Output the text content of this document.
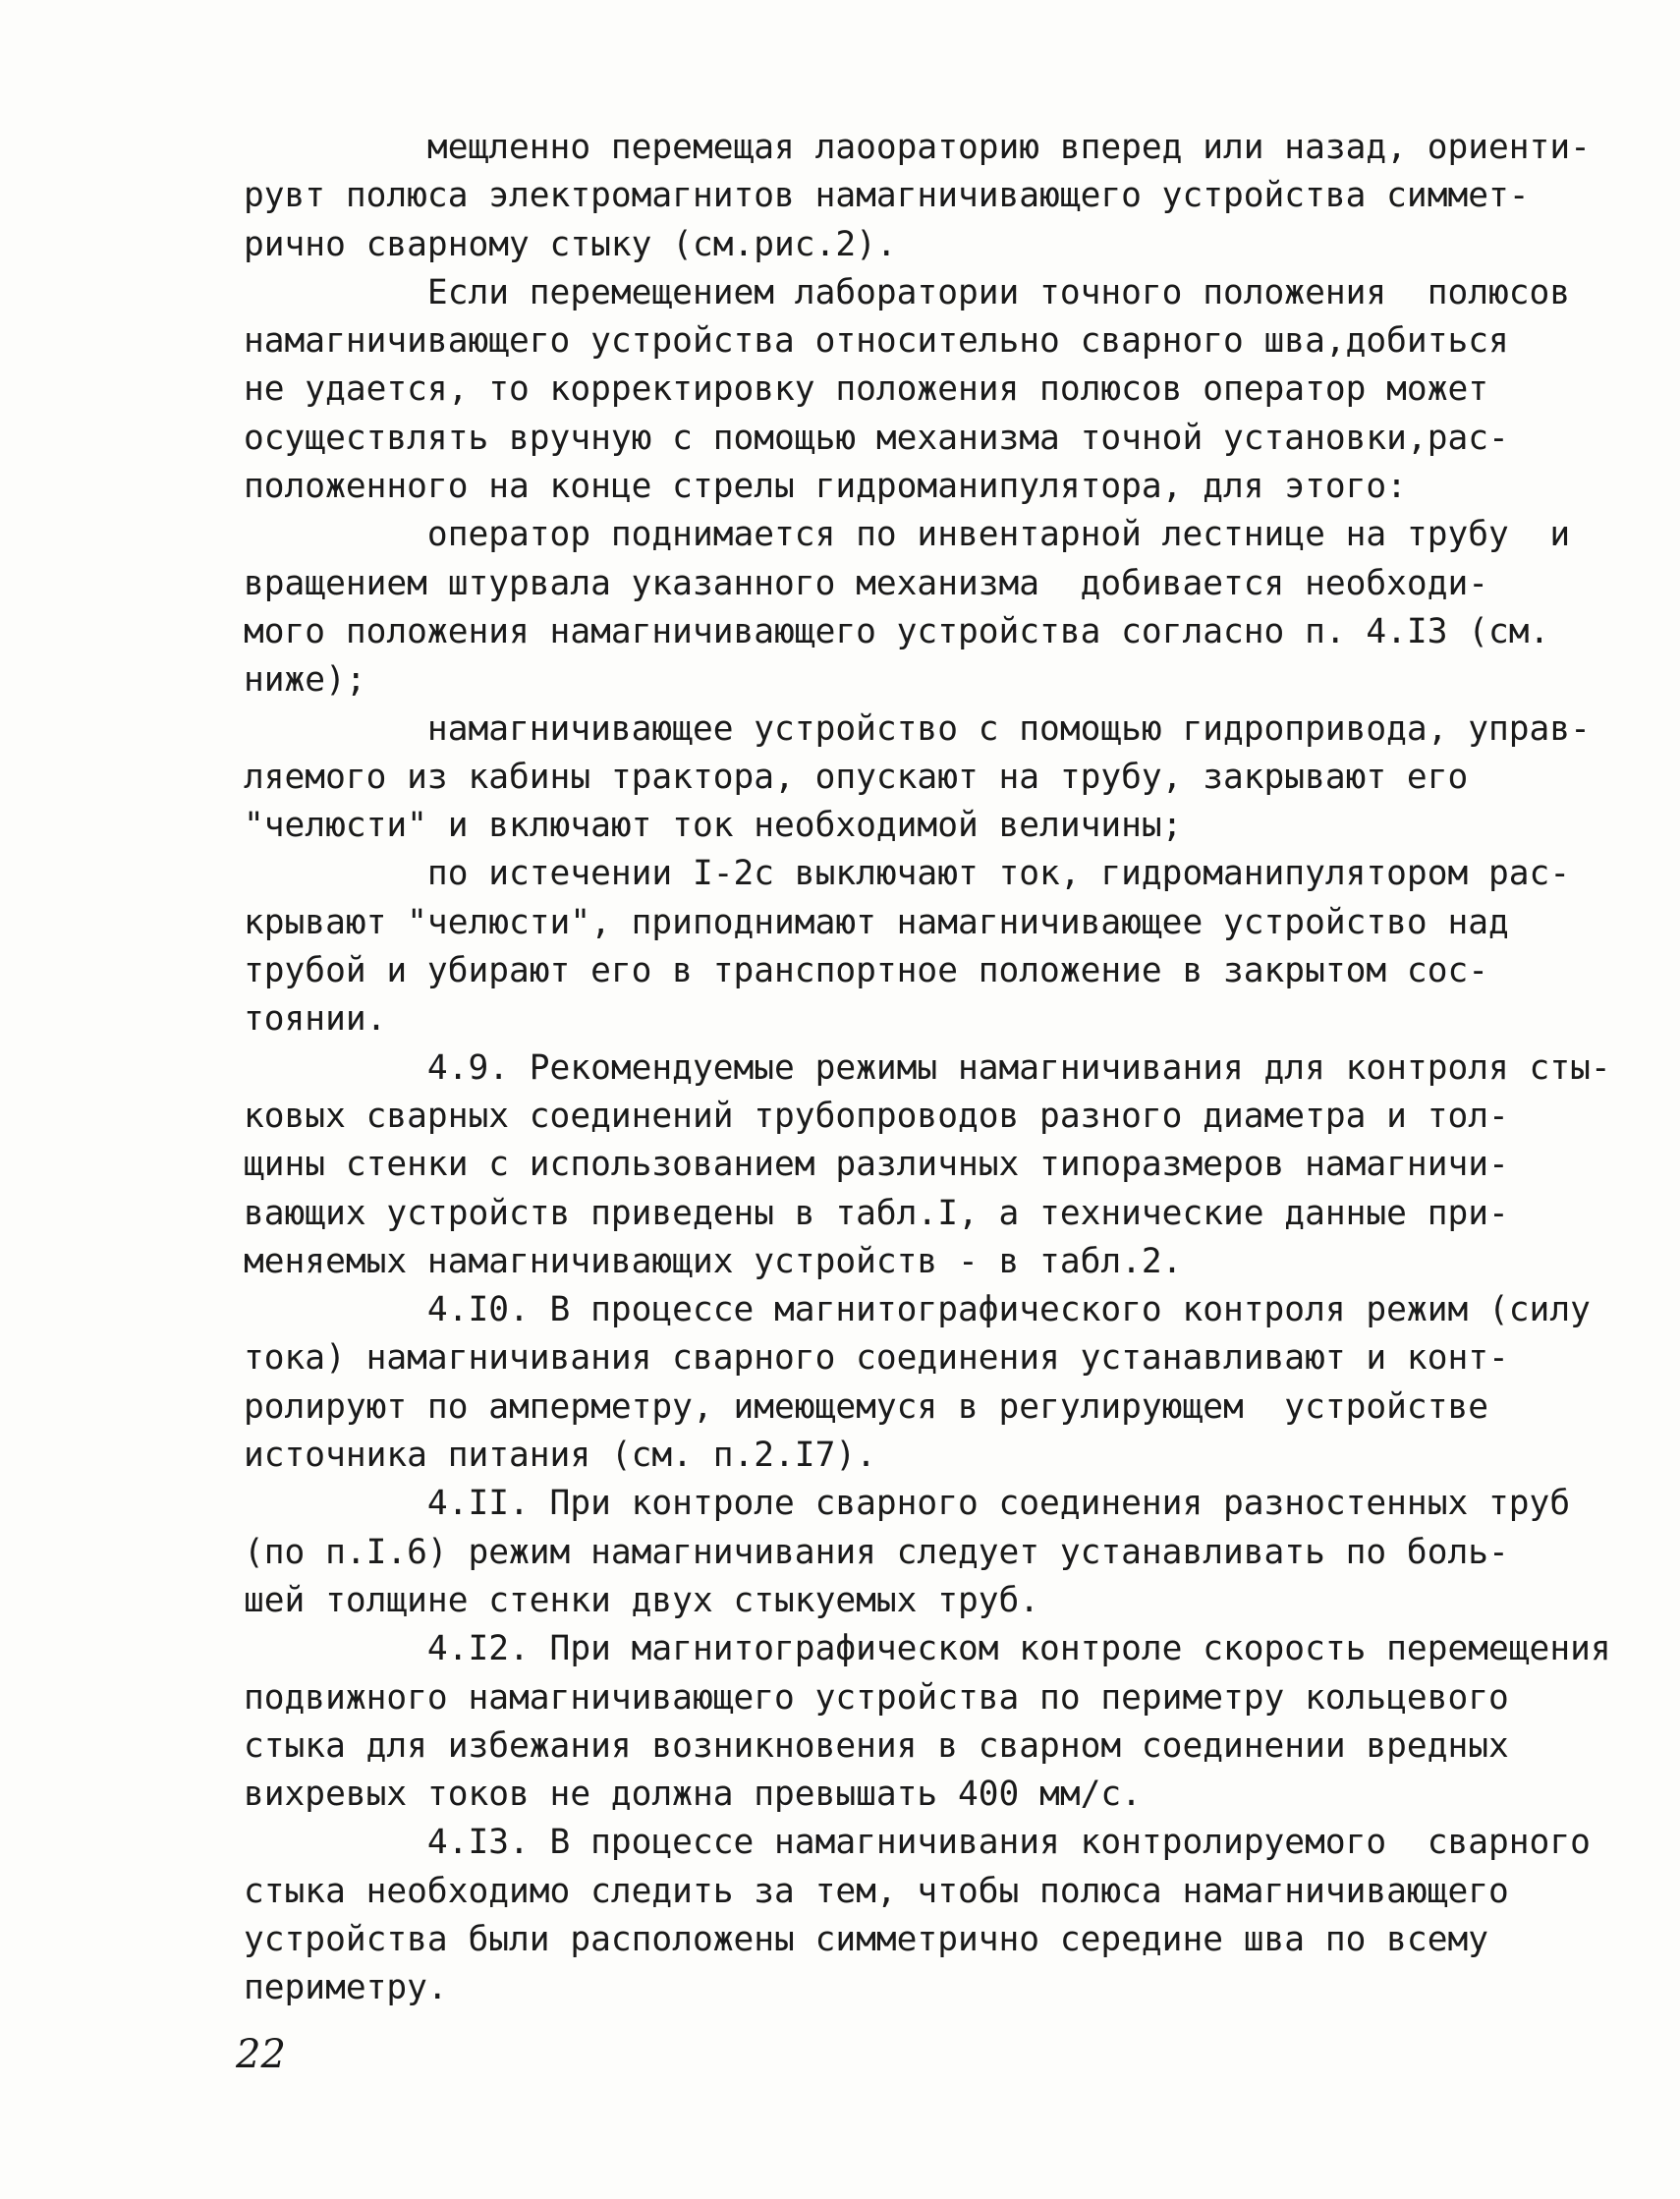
мещленно перемещая лаоораторию вперед или назад, ориенти-
рувт полюса электромагнитов намагничивающего устройства симмет-
рично сварному стыку (см.рис.2).
Если перемещением лаборатории точного положения  полюсов
намагничивающего устройства относительно сварного шва,добиться
не удается, то корректировку положения полюсов оператор может
осуществлять вручную с помощью механизма точной установки,рас-
положенного на конце стрелы гидроманипулятора, для этого:
оператор поднимается по инвентарной лестнице на трубу  и
вращением штурвала указанного механизма  добивается необходи-
мого положения намагничивающего устройства согласно п. 4.I3 (см.
ниже);
намагничивающее устройство с помощью гидропривода, управ-
ляемого из кабины трактора, опускают на трубу, закрывают его
"челюсти" и включают ток необходимой величины;
по истечении I-2с выключают ток, гидроманипулятором рас-
крывают "челюсти", приподнимают намагничивающее устройство над
трубой и убирают его в транспортное положение в закрытом сос-
тоянии.
4.9. Рекомендуемые режимы намагничивания для контроля сты-
ковых сварных соединений трубопроводов разного диаметра и тол-
щины стенки с использованием различных типоразмеров намагничи-
вающих устройств приведены в табл.I, а технические данные при-
меняемых намагничивающих устройств - в табл.2.
4.I0. В процессе магнитографического контроля режим (силу
тока) намагничивания сварного соединения устанавливают и конт-
ролируют по амперметру, имеющемуся в регулирующем  устройстве
источника питания (см. п.2.I7).
4.II. При контроле сварного соединения разностенных труб
(по п.I.6) режим намагничивания следует устанавливать по боль-
шей толщине стенки двух стыкуемых труб.
4.I2. При магнитографическом контроле скорость перемещения
подвижного намагничивающего устройства по периметру кольцевого
стыка для избежания возникновения в сварном соединении вредных
вихревых токов не должна превышать 400 мм/с.
4.I3. В процессе намагничивания контролируемого  сварного
стыка необходимо следить за тем, чтобы полюса намагничивающего
устройства были расположены симметрично середине шва по всему
периметру.
22
